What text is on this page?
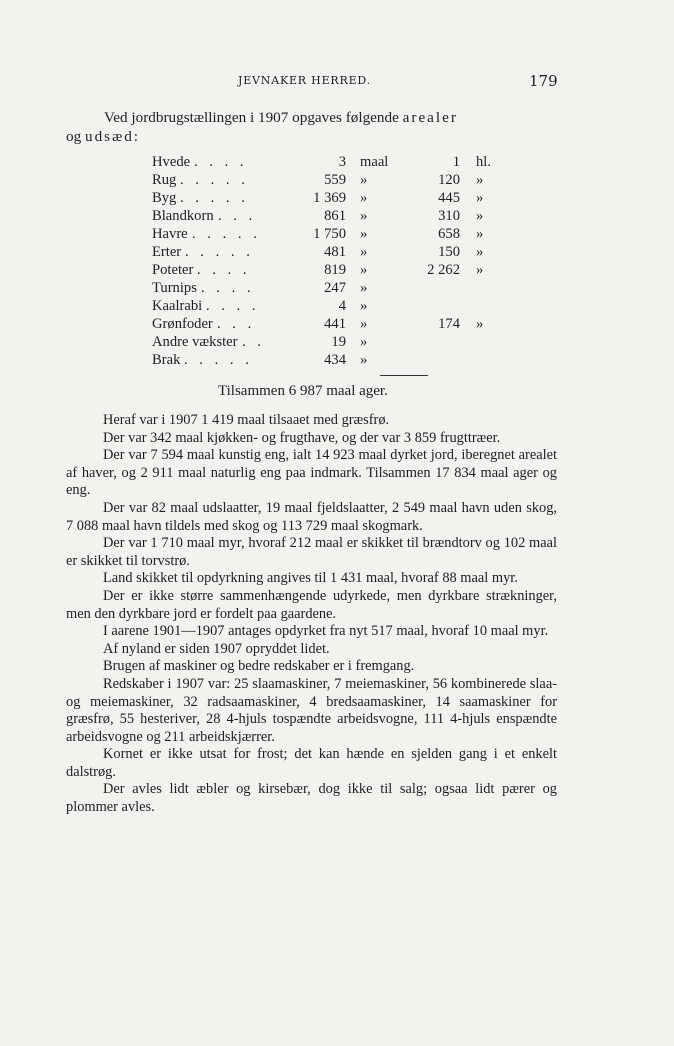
JEVNAKER HERRED.	179
Ved jordbrugstællingen i 1907 opgaves følgende arealer
og udsæd:
Hvede . . . .	3 maal	1 hl.
Rug . . . . .	559 »	120 »
Byg . . . . .	1 369 »	445 »
Blandkorn . . .	861 »	310 »
Havre . . . . .	1 750 »	658 »
Erter . . . . .	481 »	150 »
Poteter . . . .	819 »	2 262 »
Turnips . . . .	247 »
Kaalrabi . . . .	4 »
Grønfoder . . .	441 »	174 »
Andre vækster . .	19 »
Brak . . . . .	434 »
Tilsammen 6 987 maal ager.

Heraf var i 1907 1 419 maal tilsaaet med græsfrø.

Der var 342 maal kjøkken- og frugthave, og der var 3 859 frugttræer.

Der var 7 594 maal kunstig eng, ialt 14 923 maal dyrket jord, iberegnet arealet af haver, og 2 911 maal naturlig eng paa indmark. Tilsammen 17 834 maal ager og eng.

Der var 82 maal udslaatter, 19 maal fjeldslaatter, 2 549 maal havn uden skog, 7 088 maal havn tildels med skog og 113 729 maal skogmark.

Der var 1 710 maal myr, hvoraf 212 maal er skikket til brændtorv og 102 maal er skikket til torvstrø.

Land skikket til opdyrkning angives til 1 431 maal, hvoraf 88 maal myr.

Der er ikke større sammenhængende udyrkede, men dyrkbare strækninger, men den dyrkbare jord er fordelt paa gaardene.

I aarene 1901—1907 antages opdyrket fra nyt 517 maal, hvoraf 10 maal myr.

Af nyland er siden 1907 opryddet lidet.

Brugen af maskiner og bedre redskaber er i fremgang.

Redskaber i 1907 var: 25 slaamaskiner, 7 meiemaskiner, 56 kombinerede slaa- og meiemaskiner, 32 radsaamaskiner, 4 bredsaamaskiner, 14 saamaskiner for græsfrø, 55 hesteriver, 28 4-hjuls tospændte arbeidsvogne, 111 4-hjuls enspændte arbeidsvogne og 211 arbeidskjærrer.

Kornet er ikke utsat for frost; det kan hænde en sjelden gang i et enkelt dalstrøg.

Der avles lidt æbler og kirsebær, dog ikke til salg; ogsaa lidt pærer og plommer avles.
